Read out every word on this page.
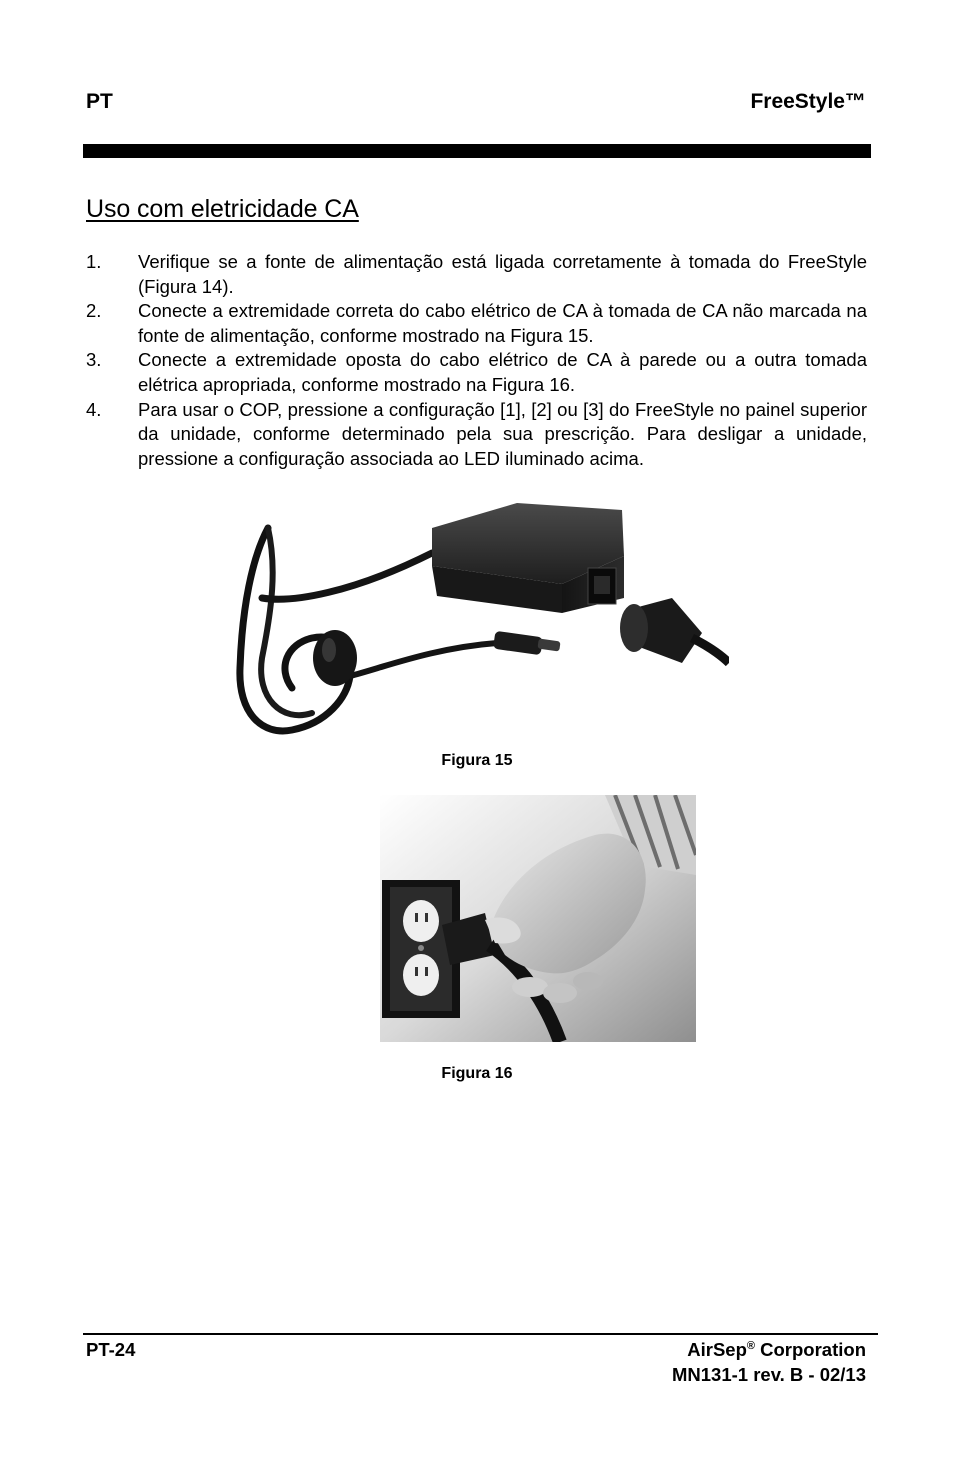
PT	FreeStyle™
Uso com eletricidade CA

1. Verifique se a fonte de alimentação está ligada corretamente à tomada do FreeStyle (Figura 14).

2. Conecte a extremidade correta do cabo elétrico de CA à tomada de CA não marcada na fonte de alimentação, conforme mostrado na Figura 15.

3. Conecte a extremidade oposta do cabo elétrico de CA à parede ou a outra tomada elétrica apropriada, conforme mostrado na Figura 16.

4. Para usar o COP, pressione a configuração [1], [2] ou [3] do FreeStyle no painel superior da unidade, conforme determinado pela sua prescrição. Para desligar a unidade, pressione a configuração associada ao LED iluminado acima.

Figura 15
Figura 16
PT-24	AirSep® Corporation
MN131-1 rev. B - 02/13
